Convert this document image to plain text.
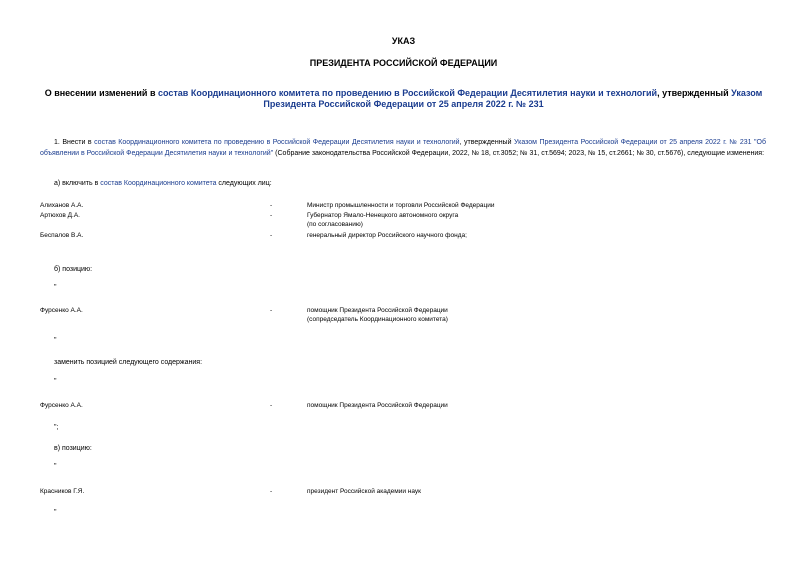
УКАЗ
ПРЕЗИДЕНТА РОССИЙСКОЙ ФЕДЕРАЦИИ
О внесении изменений в состав Координационного комитета по проведению в Российской Федерации Десятилетия науки и технологий, утвержденный Указом
Президента Российской Федерации от 25 апреля 2022 г. № 231
1. Внести в состав Координационного комитета по проведению в Российской Федерации Десятилетия науки и технологий, утвержденный Указом Президента Российской Федерации от 25 апреля 2022 г. № 231 "Об объявлении в Российской Федерации Десятилетия науки и технологий" (Собрание законодательства Российской Федерации, 2022, № 18, ст.3052; № 31, ст.5694; 2023, № 15, ст.2661; № 30, ст.5676), следующие изменения:
а) включить в состав Координационного комитета следующих лиц:
Алиханов А.А.	-	Министр промышленности и торговли Российской Федерации
Артюхов Д.А.	-	Губернатор Ямало-Ненецкого автономного округа
(по согласованию)
Беспалов В.А.	-	генеральный директор Российского научного фонда;
б) позицию:
"
Фурсенко А.А.	-	помощник Президента Российской Федерации
(сопредседатель Координационного комитета)
"
заменить позицией следующего содержания:
"
Фурсенко А.А.	-	помощник Президента Российской Федерации
";
в) позицию:
"
Красников Г.Я.	-	президент Российской академии наук
"
